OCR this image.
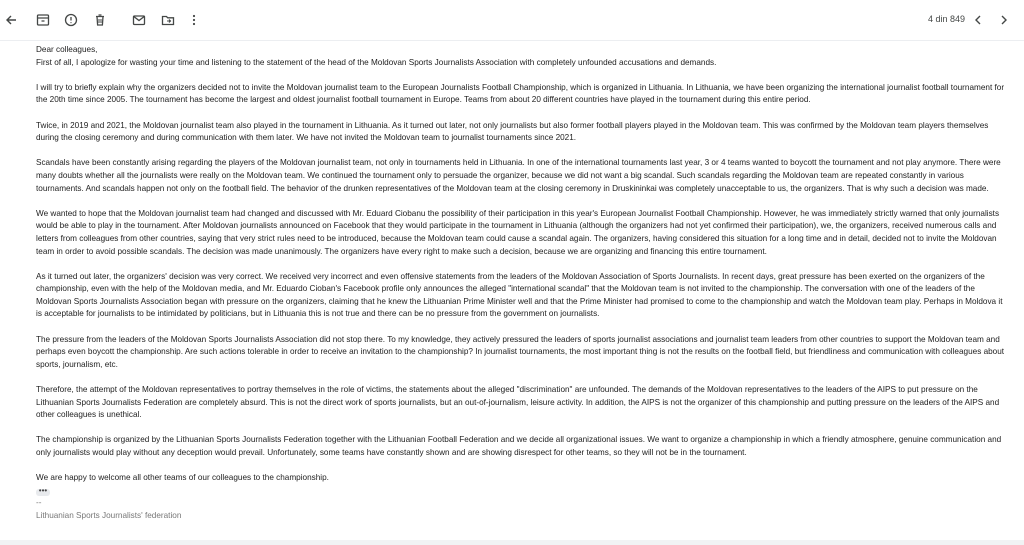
4 din 849

Dear colleagues,

First of all, I apologize for wasting your time and listening to the statement of the head of the Moldovan Sports Journalists Association with completely unfounded accusations and demands.

I will try to briefly explain why the organizers decided not to invite the Moldovan journalist team to the European Journalists Football Championship, which is organized in Lithuania. In Lithuania, we have been organizing the international journalist football tournament for the 20th time since 2005. The tournament has become the largest and oldest journalist football tournament in Europe. Teams from about 20 different countries have played in the tournament during this entire period.

Twice, in 2019 and 2021, the Moldovan journalist team also played in the tournament in Lithuania. As it turned out later, not only journalists but also former football players played in the Moldovan team. This was confirmed by the Moldovan team players themselves during the closing ceremony and during communication with them later. We have not invited the Moldovan team to journalist tournaments since 2021.

Scandals have been constantly arising regarding the players of the Moldovan journalist team, not only in tournaments held in Lithuania. In one of the international tournaments last year, 3 or 4 teams wanted to boycott the tournament and not play anymore. There were many doubts whether all the journalists were really on the Moldovan team. We continued the tournament only to persuade the organizer, because we did not want a big scandal. Such scandals regarding the Moldovan team are repeated constantly in various tournaments. And scandals happen not only on the football field. The behavior of the drunken representatives of the Moldovan team at the closing ceremony in Druskininkai was completely unacceptable to us, the organizers. That is why such a decision was made.

We wanted to hope that the Moldovan journalist team had changed and discussed with Mr. Eduard Ciobanu the possibility of their participation in this year's European Journalist Football Championship. However, he was immediately strictly warned that only journalists would be able to play in the tournament. After Moldovan journalists announced on Facebook that they would participate in the tournament in Lithuania (although the organizers had not yet confirmed their participation), we, the organizers, received numerous calls and letters from colleagues from other countries, saying that very strict rules need to be introduced, because the Moldovan team could cause a scandal again. The organizers, having considered this situation for a long time and in detail, decided not to invite the Moldovan team in order to avoid possible scandals. The decision was made unanimously. The organizers have every right to make such a decision, because we are organizing and financing this entire tournament.

As it turned out later, the organizers' decision was very correct. We received very incorrect and even offensive statements from the leaders of the Moldovan Association of Sports Journalists. In recent days, great pressure has been exerted on the organizers of the championship, even with the help of the Moldovan media, and Mr. Eduardo Cioban's Facebook profile only announces the alleged "international scandal" that the Moldovan team is not invited to the championship. The conversation with one of the leaders of the Moldovan Sports Journalists Association began with pressure on the organizers, claiming that he knew the Lithuanian Prime Minister well and that the Prime Minister had promised to come to the championship and watch the Moldovan team play. Perhaps in Moldova it is acceptable for journalists to be intimidated by politicians, but in Lithuania this is not true and there can be no pressure from the government on journalists.

The pressure from the leaders of the Moldovan Sports Journalists Association did not stop there. To my knowledge, they actively pressured the leaders of sports journalist associations and journalist team leaders from other countries to support the Moldovan team and perhaps even boycott the championship. Are such actions tolerable in order to receive an invitation to the championship? In journalist tournaments, the most important thing is not the results on the football field, but friendliness and communication with colleagues about sports, journalism, etc.

Therefore, the attempt of the Moldovan representatives to portray themselves in the role of victims, the statements about the alleged "discrimination" are unfounded. The demands of the Moldovan representatives to the leaders of the AIPS to put pressure on the Lithuanian Sports Journalists Federation are completely absurd. This is not the direct work of sports journalists, but an out-of-journalism, leisure activity. In addition, the AIPS is not the organizer of this championship and putting pressure on the leaders of the AIPS and other colleagues is unethical.

The championship is organized by the Lithuanian Sports Journalists Federation together with the Lithuanian Football Federation and we decide all organizational issues. We want to organize a championship in which a friendly atmosphere, genuine communication and only journalists would play without any deception would prevail. Unfortunately, some teams have constantly shown and are showing disrespect for other teams, so they will not be in the tournament.

We are happy to welcome all other teams of our colleagues to the championship.

•••
--
Lithuanian Sports Journalists' federation
